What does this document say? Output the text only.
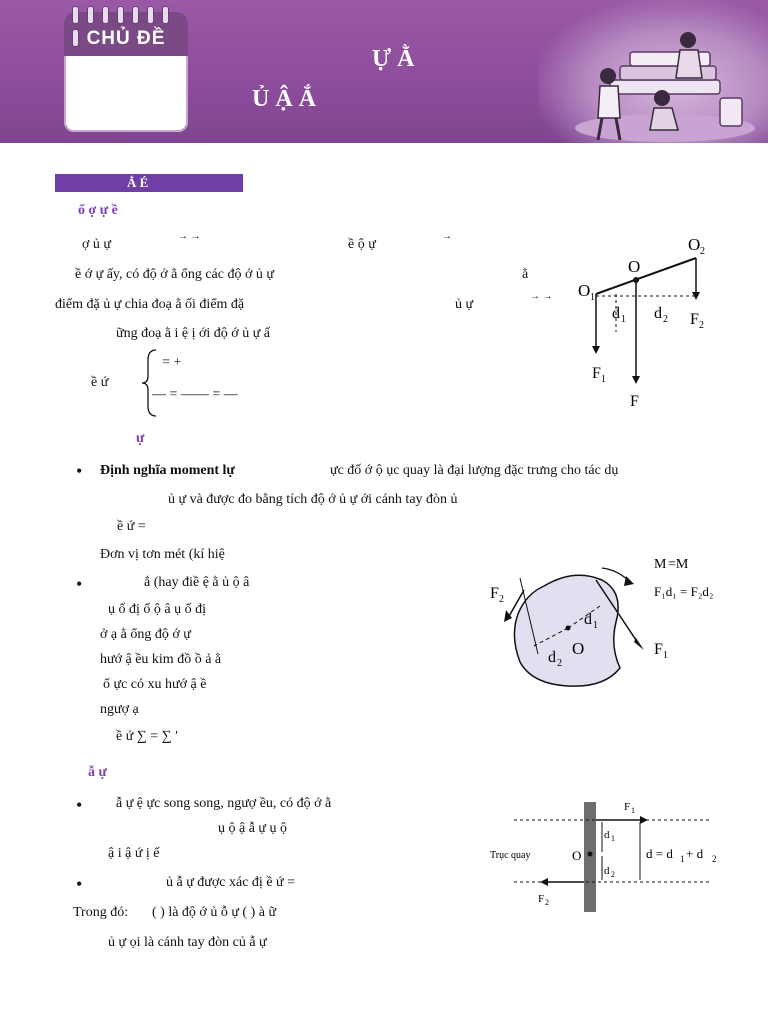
CHỦ ĐỀ
Ự Ằ
Ủ Ậ Ắ
Ắ É
ổ ợ ự ề
ợ ủ ự
→ →
ề ộ ự
→
ề ớ ự ấy, có độ ớ ằ ổng các độ ớ ủ ự	ằ
điểm đặ ủ ự chia đoạ ằ ối điểm đặ	ủ ự
→ →
ững đoạ ằ i ệ ị ới độ ớ ủ ự ấ
ề ứ
= +
— = —— = —
O 1
O
O 2
d 1 d 2 F 2
F 1
F
ự
• Định nghĩa moment lự	ực đố ớ ộ ục quay là đại lượng đặc trưng cho tác dụ
ủ ự và được đo bằng tích độ ớ ủ ự ới cánh tay đòn ủ
ề ứ =
Đơn vị tơn mét (kí hiệ
•	ắ (hay điề ệ ằ ủ ộ â
ụ ố đị ố ộ â ụ ố đị
ở ạ ằ ổng độ ớ ự
hướ ậ ều kim đồ ồ ả ằ
ổ ực có xu hướ ậ ề
ngượ ạ
ề ứ ∑ = ∑ ′
F 2
d 1
d 2
O	F 1
M =M
F₁d₁ = F₂d₂
ẫ ự
• ẫ ự ệ ực song song, ngượ ều, có độ ớ ằ
ụ ộ ậ ẫ ự ụ ộ
ậ i ậ ứ ị ế
•	ủ ẫ ự được xác đị ề ứ =
Trong đó: ( ) là độ ớ ủ ỗ ự ( ) à ữ
ủ ự ọi là cánh tay đòn củ ẫ ự
Trục quay	O
d 1
d 2
d = d 1 + d 2
F 1
F 2
